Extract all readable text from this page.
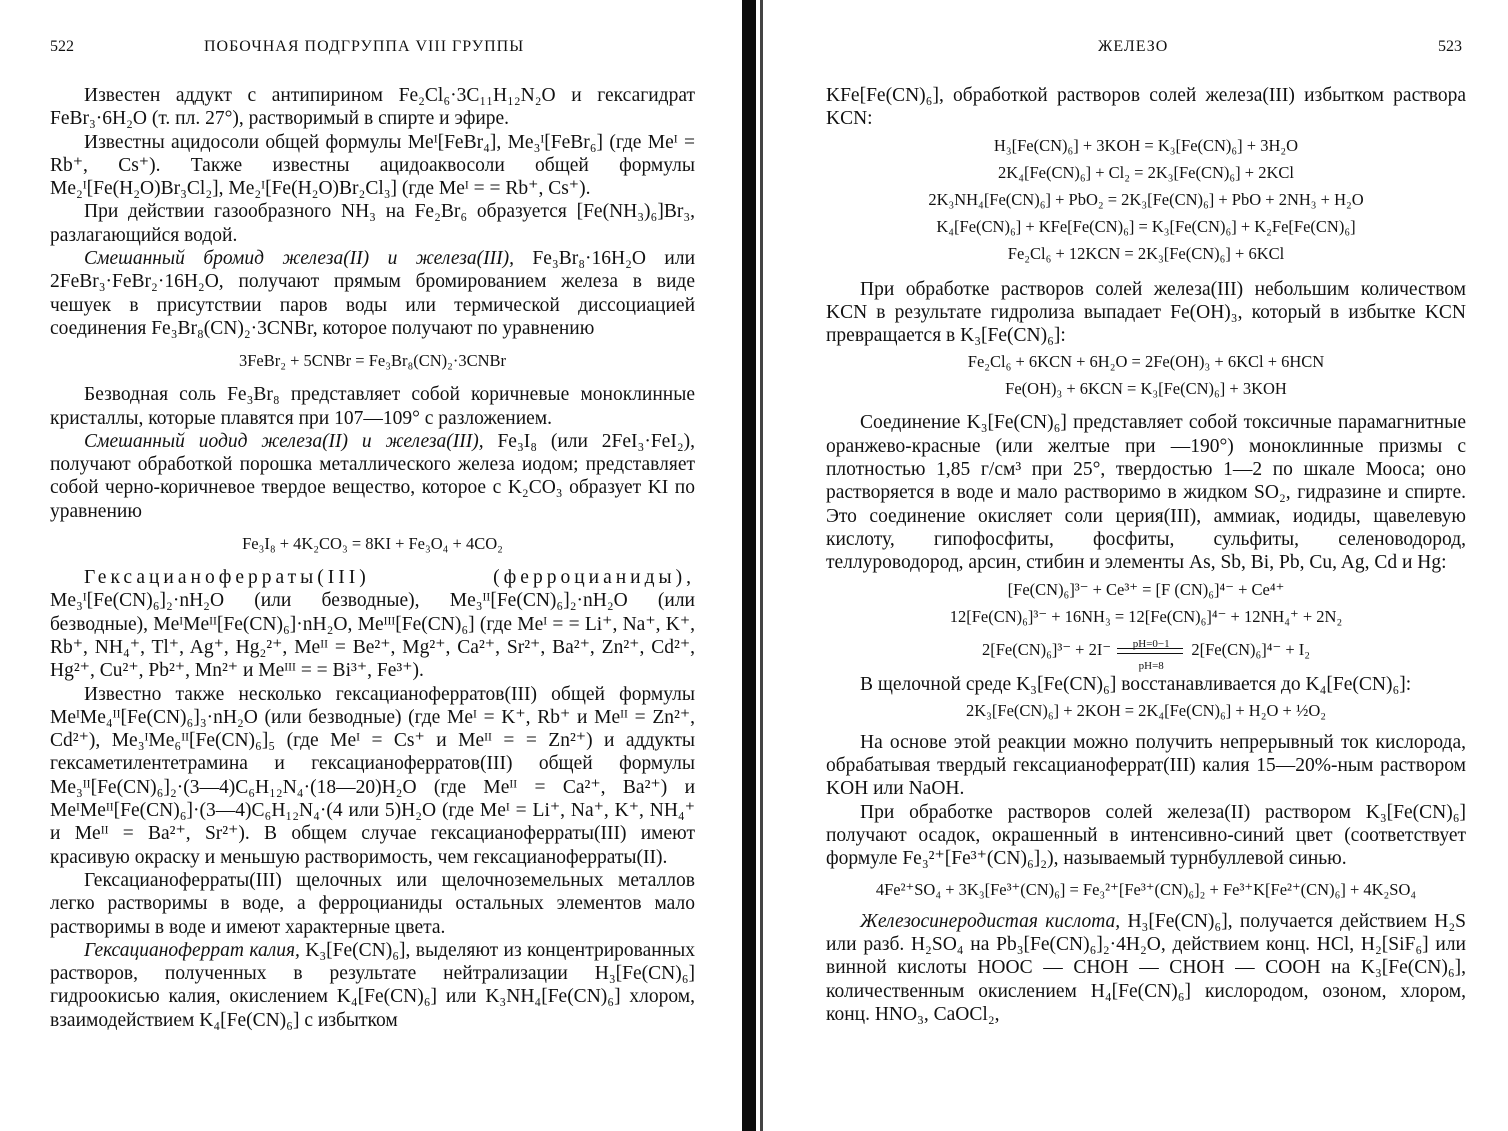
522	ПОБОЧНАЯ ПОДГРУППА VIII ГРУППЫ

Известен аддукт с антипирином Fe₂Cl₆·3C₁₁H₁₂N₂O и гексагидрат FeBr₃·6H₂O (т. пл. 27°), растворимый в спирте и эфире.

Известны ацидосоли общей формулы Meᴵ[FeBr₄], Me₃ᴵ[FeBr₆] (где Meᴵ = Rb⁺, Cs⁺). Также известны ацидоаквосоли общей формулы Me₂ᴵ[Fe(H₂O)Br₃Cl₂], Me₂ᴵ[Fe(H₂O)Br₂Cl₃] (где Meᴵ = = Rb⁺, Cs⁺).

При действии газообразного NH₃ на Fe₂Br₆ образуется [Fe(NH₃)₆]Br₃, разлагающийся водой.

Смешанный бромид железа(II) и железа(III), Fe₃Br₈·16H₂O или 2FeBr₃·FeBr₂·16H₂O, получают прямым бромированием железа в виде чешуек в присутствии паров воды или термической диссоциацией соединения Fe₃Br₈(CN)₂·3CNBr, которое получают по уравнению

3FeBr₂ + 5CNBr = Fe₃Br₈(CN)₂·3CNBr

Безводная соль Fe₃Br₈ представляет собой коричневые моноклинные кристаллы, которые плавятся при 107—109° с разложением.

Смешанный иодид железа(II) и железа(III), Fe₃I₈ (или 2FeI₃·FeI₂), получают обработкой порошка металлического железа иодом; представляет собой черно-коричневое твердое вещество, которое с K₂CO₃ образует KI по уравнению

Fe₃I₈ + 4K₂CO₃ = 8KI + Fe₃O₄ + 4CO₂

Гексацианоферраты(III) (ферроцианиды), Me₃ᴵ[Fe(CN)₆]₂·nH₂O (или безводные), Me₃ᴵᴵ[Fe(CN)₆]₂·nH₂O (или безводные), MeᴵMeᴵᴵ[Fe(CN)₆]·nH₂O, Meᴵᴵᴵ[Fe(CN)₆] (где Meᴵ = = Li⁺, Na⁺, K⁺, Rb⁺, NH₄⁺, Tl⁺, Ag⁺, Hg₂²⁺, Meᴵᴵ = Be²⁺, Mg²⁺, Ca²⁺, Sr²⁺, Ba²⁺, Zn²⁺, Cd²⁺, Hg²⁺, Cu²⁺, Pb²⁺, Mn²⁺ и Meᴵᴵᴵ = = Bi³⁺, Fe³⁺).

Известно также несколько гексацианоферратов(III) общей формулы MeᴵMe₄ᴵᴵ[Fe(CN)₆]₃·nH₂O (или безводные) (где Meᴵ = K⁺, Rb⁺ и Meᴵᴵ = Zn²⁺, Cd²⁺), Me₃ᴵMe₆ᴵᴵ[Fe(CN)₆]₅ (где Meᴵ = Cs⁺ и Meᴵᴵ = = Zn²⁺) и аддукты гексаметилентетрамина и гексацианоферратов(III) общей формулы Me₃ᴵᴵ[Fe(CN)₆]₂·(3—4)C₆H₁₂N₄·(18—20)H₂O (где Meᴵᴵ = Ca²⁺, Ba²⁺) и MeᴵMeᴵᴵ[Fe(CN)₆]·(3—4)C₆H₁₂N₄·(4 или 5)H₂O (где Meᴵ = Li⁺, Na⁺, K⁺, NH₄⁺ и Meᴵᴵ = Ba²⁺, Sr²⁺). В общем случае гексацианоферраты(III) имеют красивую окраску и меньшую растворимость, чем гексацианоферраты(II).

Гексацианоферраты(III) щелочных или щелочноземельных металлов легко растворимы в воде, а ферроцианиды остальных элементов мало растворимы в воде и имеют характерные цвета.

Гексацианоферрат калия, K₃[Fe(CN)₆], выделяют из концентрированных растворов, полученных в результате нейтрализации H₃[Fe(CN)₆] гидроокисью калия, окислением K₄[Fe(CN)₆] или K₃NH₄[Fe(CN)₆] хлором, взаимодействием K₄[Fe(CN)₆] с избытком

ЖЕЛЕЗО	523

KFe[Fe(CN)₆], обработкой растворов солей железа(III) избытком раствора KCN:

H₃[Fe(CN)₆] + 3KOH = K₃[Fe(CN)₆] + 3H₂O
2K₄[Fe(CN)₆] + Cl₂ = 2K₃[Fe(CN)₆] + 2KCl
2K₃NH₄[Fe(CN)₆] + PbO₂ = 2K₃[Fe(CN)₆] + PbO + 2NH₃ + H₂O
K₄[Fe(CN)₆] + KFe[Fe(CN)₆] = K₃[Fe(CN)₆] + K₂Fe[Fe(CN)₆]
Fe₂Cl₆ + 12KCN = 2K₃[Fe(CN)₆] + 6KCl

При обработке растворов солей железа(III) небольшим количеством KCN в результате гидролиза выпадает Fe(OH)₃, который в избытке KCN превращается в K₃[Fe(CN)₆]:

Fe₂Cl₆ + 6KCN + 6H₂O = 2Fe(OH)₃ + 6KCl + 6HCN
Fe(OH)₃ + 6KCN = K₃[Fe(CN)₆] + 3KOH

Соединение K₃[Fe(CN)₆] представляет собой токсичные парамагнитные оранжево-красные (или желтые при —190°) моноклинные призмы с плотностью 1,85 г/см³ при 25°, твердостью 1—2 по шкале Мооса; оно растворяется в воде и мало растворимо в жидком SO₂, гидразине и спирте. Это соединение окисляет соли церия(III), аммиак, иодиды, щавелевую кислоту, гипофосфиты, фосфиты, сульфиты, селеноводород, теллуроводород, арсин, стибин и элементы As, Sb, Bi, Pb, Cu, Ag, Cd и Hg:

[Fe(CN)₆]³⁻ + Ce³⁺ = [F (CN)₆]⁴⁻ + Ce⁴⁺
12[Fe(CN)₆]³⁻ + 16NH₃ = 12[Fe(CN)₆]⁴⁻ + 12NH₄⁺ + 2N₂
$2[Fe(CN)_6]^{3-} + 2I^- \frac{pH=0-1}{pH=8} 2[Fe(CN)_6]^{4-} + I_2$

В щелочной среде K₃[Fe(CN)₆] восстанавливается до K₄[Fe(CN)₆]:

2K₃[Fe(CN)₆] + 2KOH = 2K₄[Fe(CN)₆] + H₂O + ½O₂

На основе этой реакции можно получить непрерывный ток кислорода, обрабатывая твердый гексацианоферрат(III) калия 15—20%-ным раствором KOH или NaOH.

При обработке растворов солей железа(II) раствором K₃[Fe(CN)₆] получают осадок, окрашенный в интенсивно-синий цвет (соответствует формуле Fe₃²⁺[Fe³⁺(CN)₆]₂), называемый турнбуллевой синью.

4Fe²⁺SO₄ + 3K₃[Fe³⁺(CN)₆] = Fe₃²⁺[Fe³⁺(CN)₆]₂ + Fe³⁺K[Fe²⁺(CN)₆] + 4K₂SO₄

Железосинеродистая кислота, H₃[Fe(CN)₆], получается действием H₂S или разб. H₂SO₄ на Pb₃[Fe(CN)₆]₂·4H₂O, действием конц. HCl, H₂[SiF₆] или винной кислоты HOOC — CHOH — CHOH — COOH на K₃[Fe(CN)₆], количественным окислением H₄[Fe(CN)₆] кислородом, озоном, хлором, конц. HNO₃, CaOCl₂,
